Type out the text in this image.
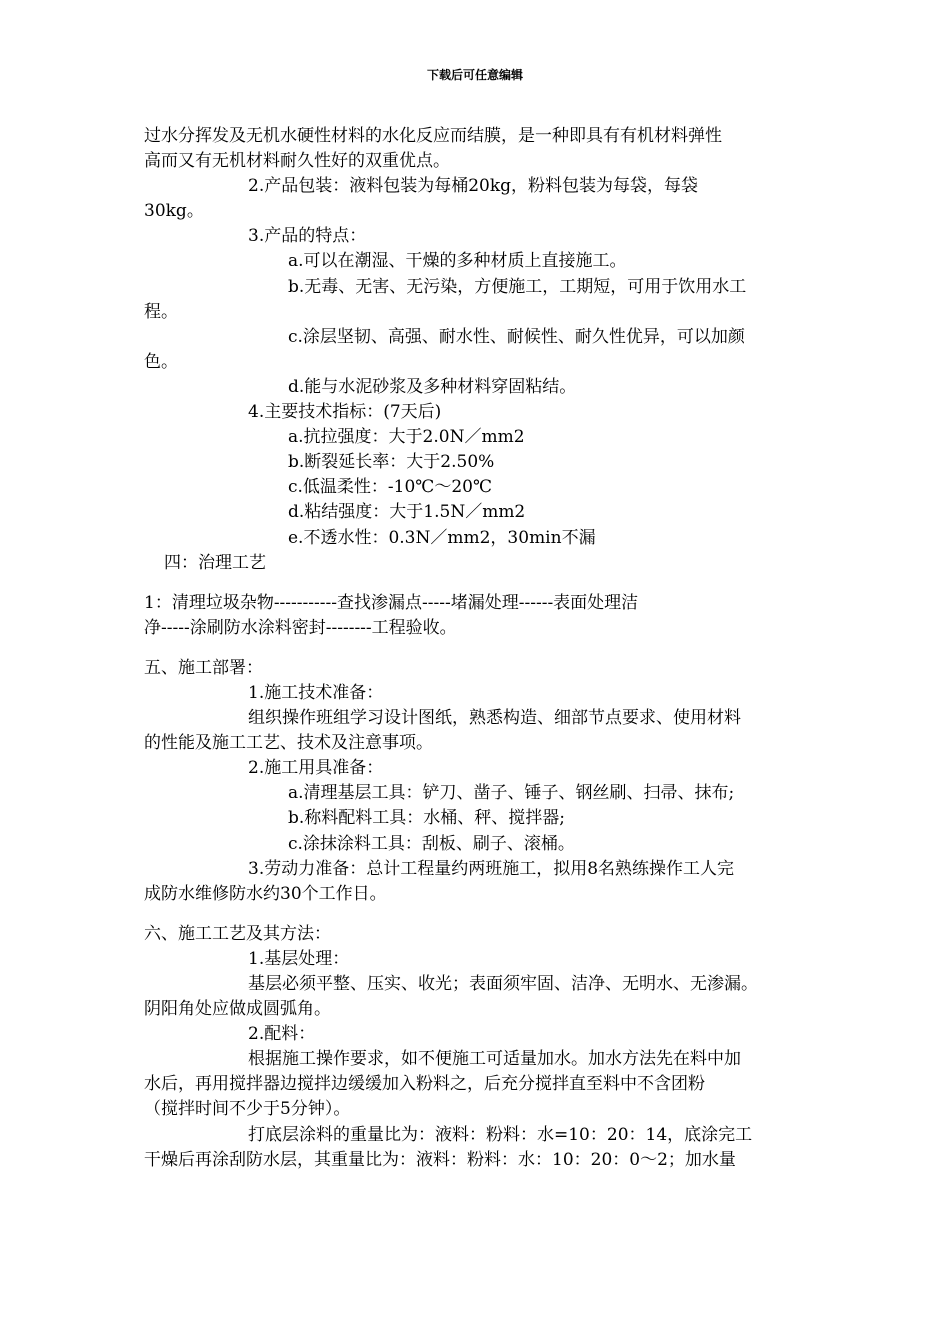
下载后可任意编辑
过水分挥发及无机水硬性材料的水化反应而结膜，是一种即具有有机材料弹性
高而又有无机材料耐久性好的双重优点。
2.产品包装：液料包装为每桶20kg，粉料包装为每袋，每袋
30kg。
3.产品的特点：
a.可以在潮湿、干燥的多种材质上直接施工。
b.无毒、无害、无污染，方便施工，工期短，可用于饮用水工
程。
c.涂层坚韧、高强、耐水性、耐候性、耐久性优异，可以加颜
色。
d.能与水泥砂浆及多种材料穿固粘结。
4.主要技术指标：(7天后)
a.抗拉强度：大于2.0N／mm2
b.断裂延长率：大于2.50%
c.低温柔性：-10℃～20℃
d.粘结强度：大于1.5N／mm2
e.不透水性：0.3N／mm2，30min不漏
四：治理工艺
1：清理垃圾杂物-----------查找渗漏点-----堵漏处理------表面处理洁
净-----涂刷防水涂料密封--------工程验收。
五、施工部署：
1.施工技术准备：
组织操作班组学习设计图纸，熟悉构造、细部节点要求、使用材料
的性能及施工工艺、技术及注意事项。
2.施工用具准备：
a.清理基层工具：铲刀、凿子、锤子、钢丝刷、扫帚、抹布;
b.称料配料工具：水桶、秤、搅拌器;
c.涂抹涂料工具：刮板、刷子、滚桶。
3.劳动力准备：总计工程量约两班施工，拟用8名熟练操作工人完
成防水维修防水约30个工作日。
六、施工工艺及其方法：
1.基层处理：
基层必须平整、压实、收光；表面须牢固、洁净、无明水、无渗漏。
阴阳角处应做成圆弧角。
2.配料：
根据施工操作要求，如不便施工可适量加水。加水方法先在料中加
水后，再用搅拌器边搅拌边缓缓加入粉料之，后充分搅拌直至料中不含团粉
（搅拌时间不少于5分钟）。
打底层涂料的重量比为：液料：粉料：水=10：20：14，底涂完工
干燥后再涂刮防水层，其重量比为：液料：粉料：水：10：20：0～2；加水量
